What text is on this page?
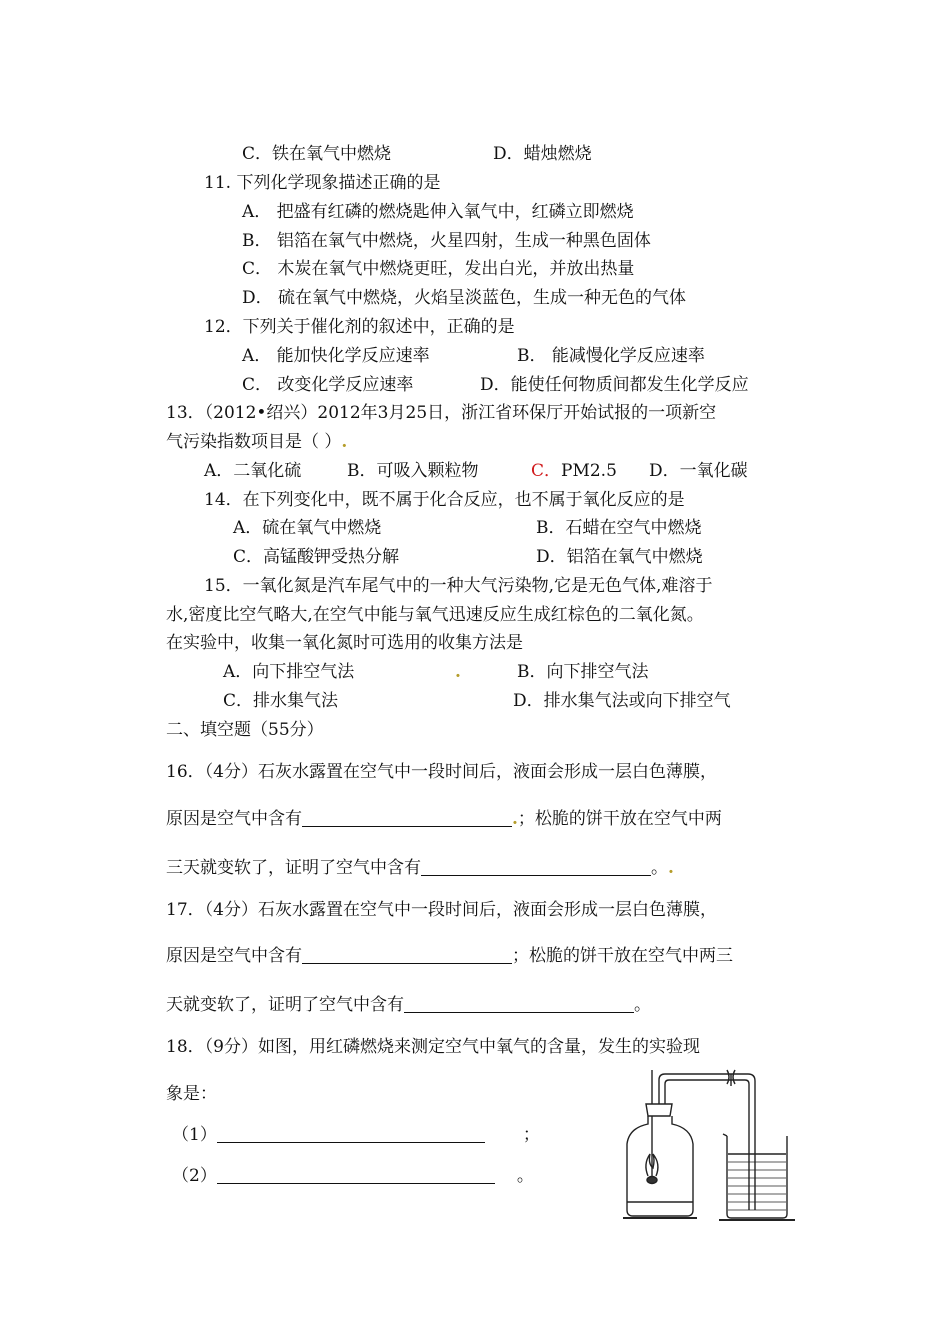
C．铁在氧气中燃烧	D．蜡烛燃烧
11. 下列化学现象描述正确的是
A． 把盛有红磷的燃烧匙伸入氧气中，红磷立即燃烧
B． 铝箔在氧气中燃烧，火星四射，生成一种黑色固体
C． 木炭在氧气中燃烧更旺，发出白光，并放出热量
D． 硫在氧气中燃烧，火焰呈淡蓝色，生成一种无色的气体
12．下列关于催化剂的叙述中，正确的是
A． 能加快化学反应速率	B． 能减慢化学反应速率
C． 改变化学反应速率	D．能使任何物质间都发生化学反应
13．（2012•绍兴）2012年3月25日，浙江省环保厅开始试报的一项新空
气污染指数项目是（ ）.
A．二氧化硫	B．可吸入颗粒物	C．PM2.5 D．一氧化碳
14．在下列变化中，既不属于化合反应，也不属于氧化反应的是
A．硫在氧气中燃烧	B．石蜡在空气中燃烧
C．高锰酸钾受热分解	D．铝箔在氧气中燃烧
15．一氧化氮是汽车尾气中的一种大气污染物,它是无色气体,难溶于
水,密度比空气略大,在空气中能与氧气迅速反应生成红棕色的二氧化氮。
在实验中，收集一氧化氮时可选用的收集方法是
A．向下排空气法	.	B．向下排空气法
C．排水集气法	D．排水集气法或向下排空气
二、填空题（55分）
16．（4分）石灰水露置在空气中一段时间后，液面会形成一层白色薄膜，
原因是空气中含有	.；松脆的饼干放在空气中两
三天就变软了，证明了空气中含有	。.
17．（4分）石灰水露置在空气中一段时间后，液面会形成一层白色薄膜，
原因是空气中含有	；松脆的饼干放在空气中两三
天就变软了，证明了空气中含有	。
18．（9分）如图，用红磷燃烧来测定空气中氧气的含量，发生的实验现
象是：
（1）	；
（2）	。
